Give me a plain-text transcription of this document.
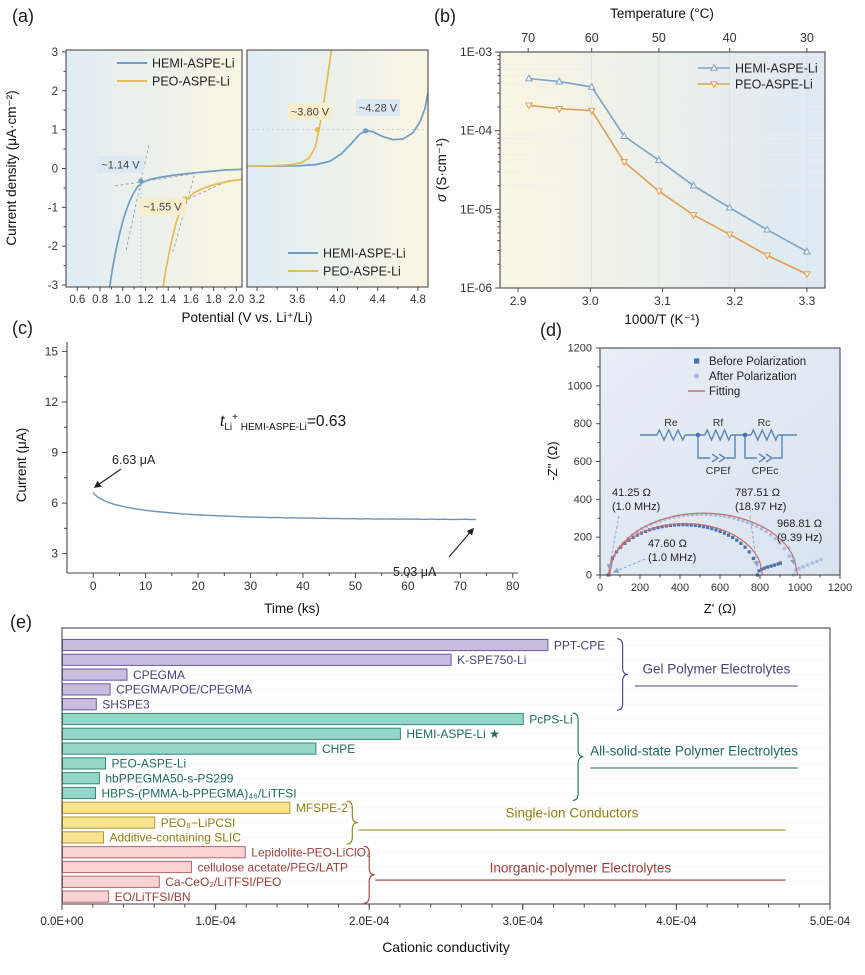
(a)	(b)
(c)	(d)
(e)
-3
-2
-1
0
1
2
3
0.6 0.8 1.0 1.2 1.4 1.6 1.8 2.0 3.2 3.6 4.0 4.4 4.8
~1.14 V
~1.55 V
~3.80 V	~4.28 V
HEMI-ASPE-Li
PEO-ASPE-Li
HEMI-ASPE-Li
PEO-ASPE-Li
Potential (V vs. Li⁺/Li)
Current density (μA·cm⁻²)
1E-03
1E-04
1E-05
1E-06
2.9	3.0	3.1	3.2	3.3
70	60	50	40	30
HEMI-ASPE-Li
PEO-ASPE-Li
Temperature (°C)
1000/T (K⁻¹)
σ (S·cm⁻¹)
3
6
9
12
15
0	10	20	30	40	50	60	70	80
6.63 μA
5.03 μA
$t_{Li}^+$ $_{HEMI-ASPE-Li}$=0.63
Time (ks)
Current (μA)
0
0
200
200
400
400
600
600
800
800
1000
1000
1200
1200
Before Polarization
After Polarization
Fitting
Re	Rf	Rc
CPEf CPEc
41.25 Ω
(1.0 MHz)
47.60 Ω
(1.0 MHz)
787.51 Ω
(18.97 Hz)
968.81 Ω
(9.39 Hz)
Z' (Ω)
-Z'' (Ω)
0.0E+00	1.0E-04	2.0E-04	3.0E-04	4.0E-04	5.0E-04
PPT-CPE
K-SPE750-Li
CPEGMA
CPEGMA/POE/CPEGMA
SHSPE3
Gel Polymer Electrolytes
PcPS-Li
HEMI-ASPE-Li ★
CHPE
PEO-ASPE-Li
hbPPEGMA50-s-PS299
HBPS-(PMMA-b-PPEGMA)₄₆/LiTFSI
All-solid-state Polymer Electrolytes
MFSPE-2
PEO₈−LiPCSI
Additive-containing SLIC
Single-ion Conductors
Lepidolite-PEO-LiClO₄
cellulose acetate/PEG/LATP
Ca-CeO₂/LiTFSI/PEO
EO/LiTFSI/BN
Inorganic-polymer Electrolytes
Cationic conductivity
